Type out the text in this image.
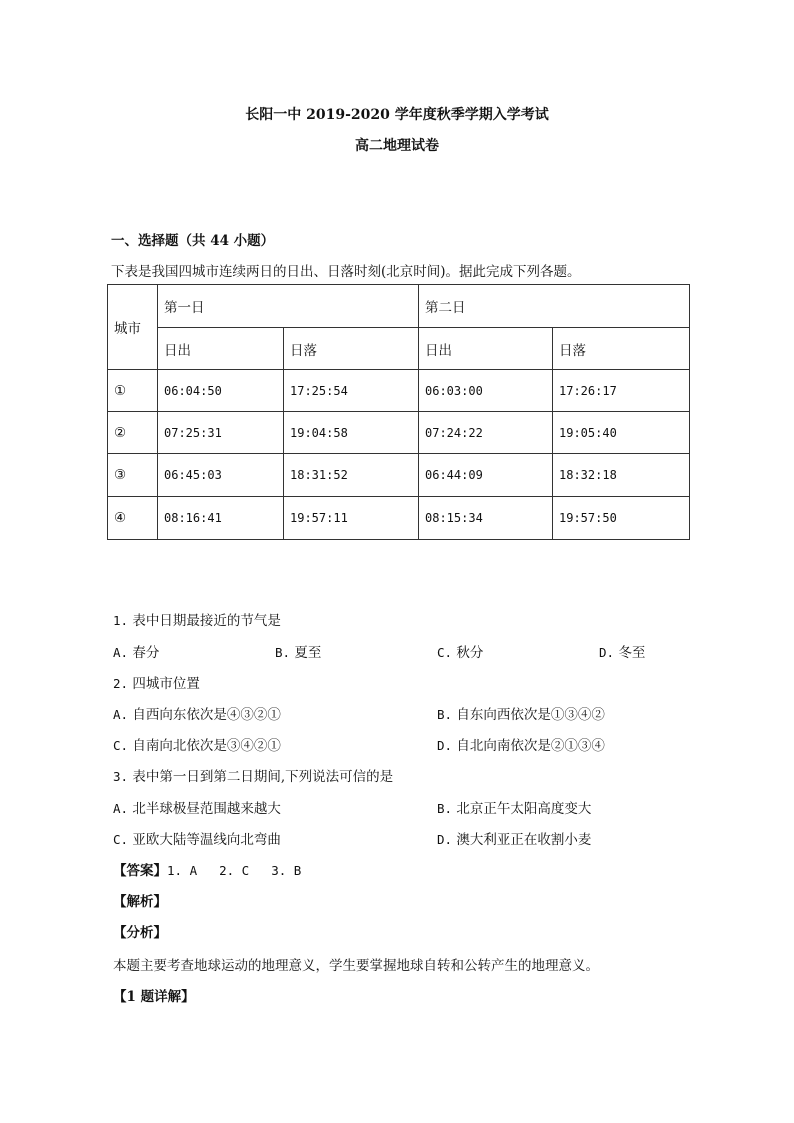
长阳一中 2019-2020 学年度秋季学期入学考试
高二地理试卷
一、选择题（共 44 小题）
下表是我国四城市连续两日的日出、日落时刻(北京时间)。据此完成下列各题。
城市	第一日		第二日	
	日出	日落	日出	日落
①	06:04:50	17:25:54	06:03:00	17:26:17
②	07:25:31	19:04:58	07:24:22	19:05:40
③	06:45:03	18:31:52	06:44:09	18:32:18
④	08:16:41	19:57:11	08:15:34	19:57:50
1. 表中日期最接近的节气是
A. 春分	B. 夏至	C. 秋分	D. 冬至
2. 四城市位置
A. 自西向东依次是④③②①	B. 自东向西依次是①③④②
C. 自南向北依次是③④②①	D. 自北向南依次是②①③④
3. 表中第一日到第二日期间,下列说法可信的是
A. 北半球极昼范围越来越大	B. 北京正午太阳高度变大
C. 亚欧大陆等温线向北弯曲	D. 澳大利亚正在收割小麦
【答案】1. A 2. C 3. B
【解析】
【分析】
本题主要考查地球运动的地理意义，学生要掌握地球自转和公转产生的地理意义。
【1 题详解】
